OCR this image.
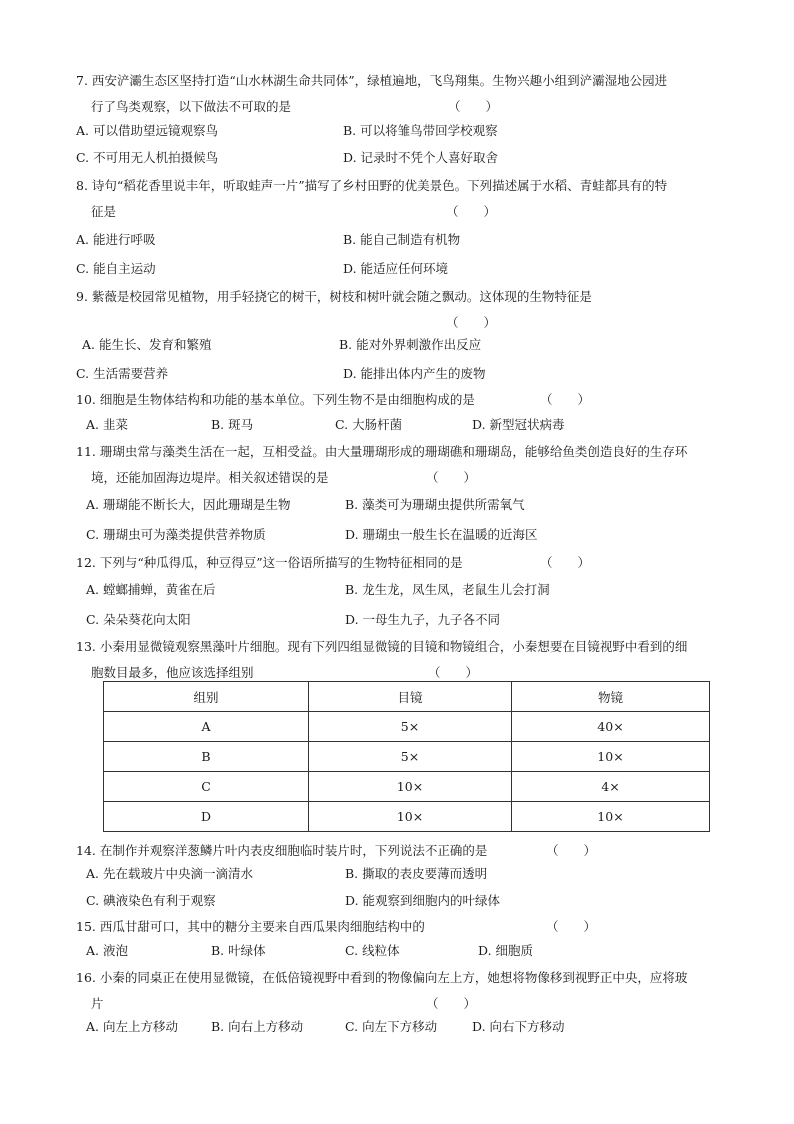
7. 西安浐灞生态区坚持打造“山水林湖生命共同体”，绿植遍地，飞鸟翔集。生物兴趣小组到浐灞湿地公园进
行了鸟类观察，以下做法不可取的是	（　　）
A. 可以借助望远镜观察鸟	B. 可以将雏鸟带回学校观察
C. 不可用无人机拍摄候鸟	D. 记录时不凭个人喜好取舍
8. 诗句“稻花香里说丰年，听取蛙声一片”描写了乡村田野的优美景色。下列描述属于水稻、青蛙都具有的特
征是	（　　）
A. 能进行呼吸	B. 能自己制造有机物
C. 能自主运动	D. 能适应任何环境
9. 紫薇是校园常见植物，用手轻挠它的树干，树枝和树叶就会随之飘动。这体现的生物特征是
（　　）
A. 能生长、发育和繁殖	B. 能对外界刺激作出反应
C. 生活需要营养	D. 能排出体内产生的废物
10. 细胞是生物体结构和功能的基本单位。下列生物不是由细胞构成的是	（　　）
A. 韭菜	B. 斑马	C. 大肠杆菌	D. 新型冠状病毒
11. 珊瑚虫常与藻类生活在一起，互相受益。由大量珊瑚形成的珊瑚礁和珊瑚岛，能够给鱼类创造良好的生存环
境，还能加固海边堤岸。相关叙述错误的是	（　　）
A. 珊瑚能不断长大，因此珊瑚是生物	B. 藻类可为珊瑚虫提供所需氧气
C. 珊瑚虫可为藻类提供营养物质	D. 珊瑚虫一般生长在温暖的近海区
12. 下列与“种瓜得瓜，种豆得豆”这一俗语所描写的生物特征相同的是	（　　）
A. 螳螂捕蝉，黄雀在后	B. 龙生龙，凤生凤，老鼠生儿会打洞
C. 朵朵葵花向太阳	D. 一母生九子，九子各不同
13. 小秦用显微镜观察黑藻叶片细胞。现有下列四组显微镜的目镜和物镜组合，小秦想要在目镜视野中看到的细
胞数目最多，他应该选择组别	（　　）
组别	目镜	物镜
A	5×	40×
B	5×	10×
C	10×	4×
D	10×	10×
14. 在制作并观察洋葱鳞片叶内表皮细胞临时装片时，下列说法不正确的是	（　　）
A. 先在载玻片中央滴一滴清水	B. 撕取的表皮要薄而透明
C. 碘液染色有利于观察	D. 能观察到细胞内的叶绿体
15. 西瓜甘甜可口，其中的糖分主要来自西瓜果肉细胞结构中的	（　　）
A. 液泡	B. 叶绿体	C. 线粒体	D. 细胞质
16. 小秦的同桌正在使用显微镜，在低倍镜视野中看到的物像偏向左上方，她想将物像移到视野正中央，应将玻
片	（　　）
A. 向左上方移动	B. 向右上方移动	C. 向左下方移动	D. 向右下方移动
